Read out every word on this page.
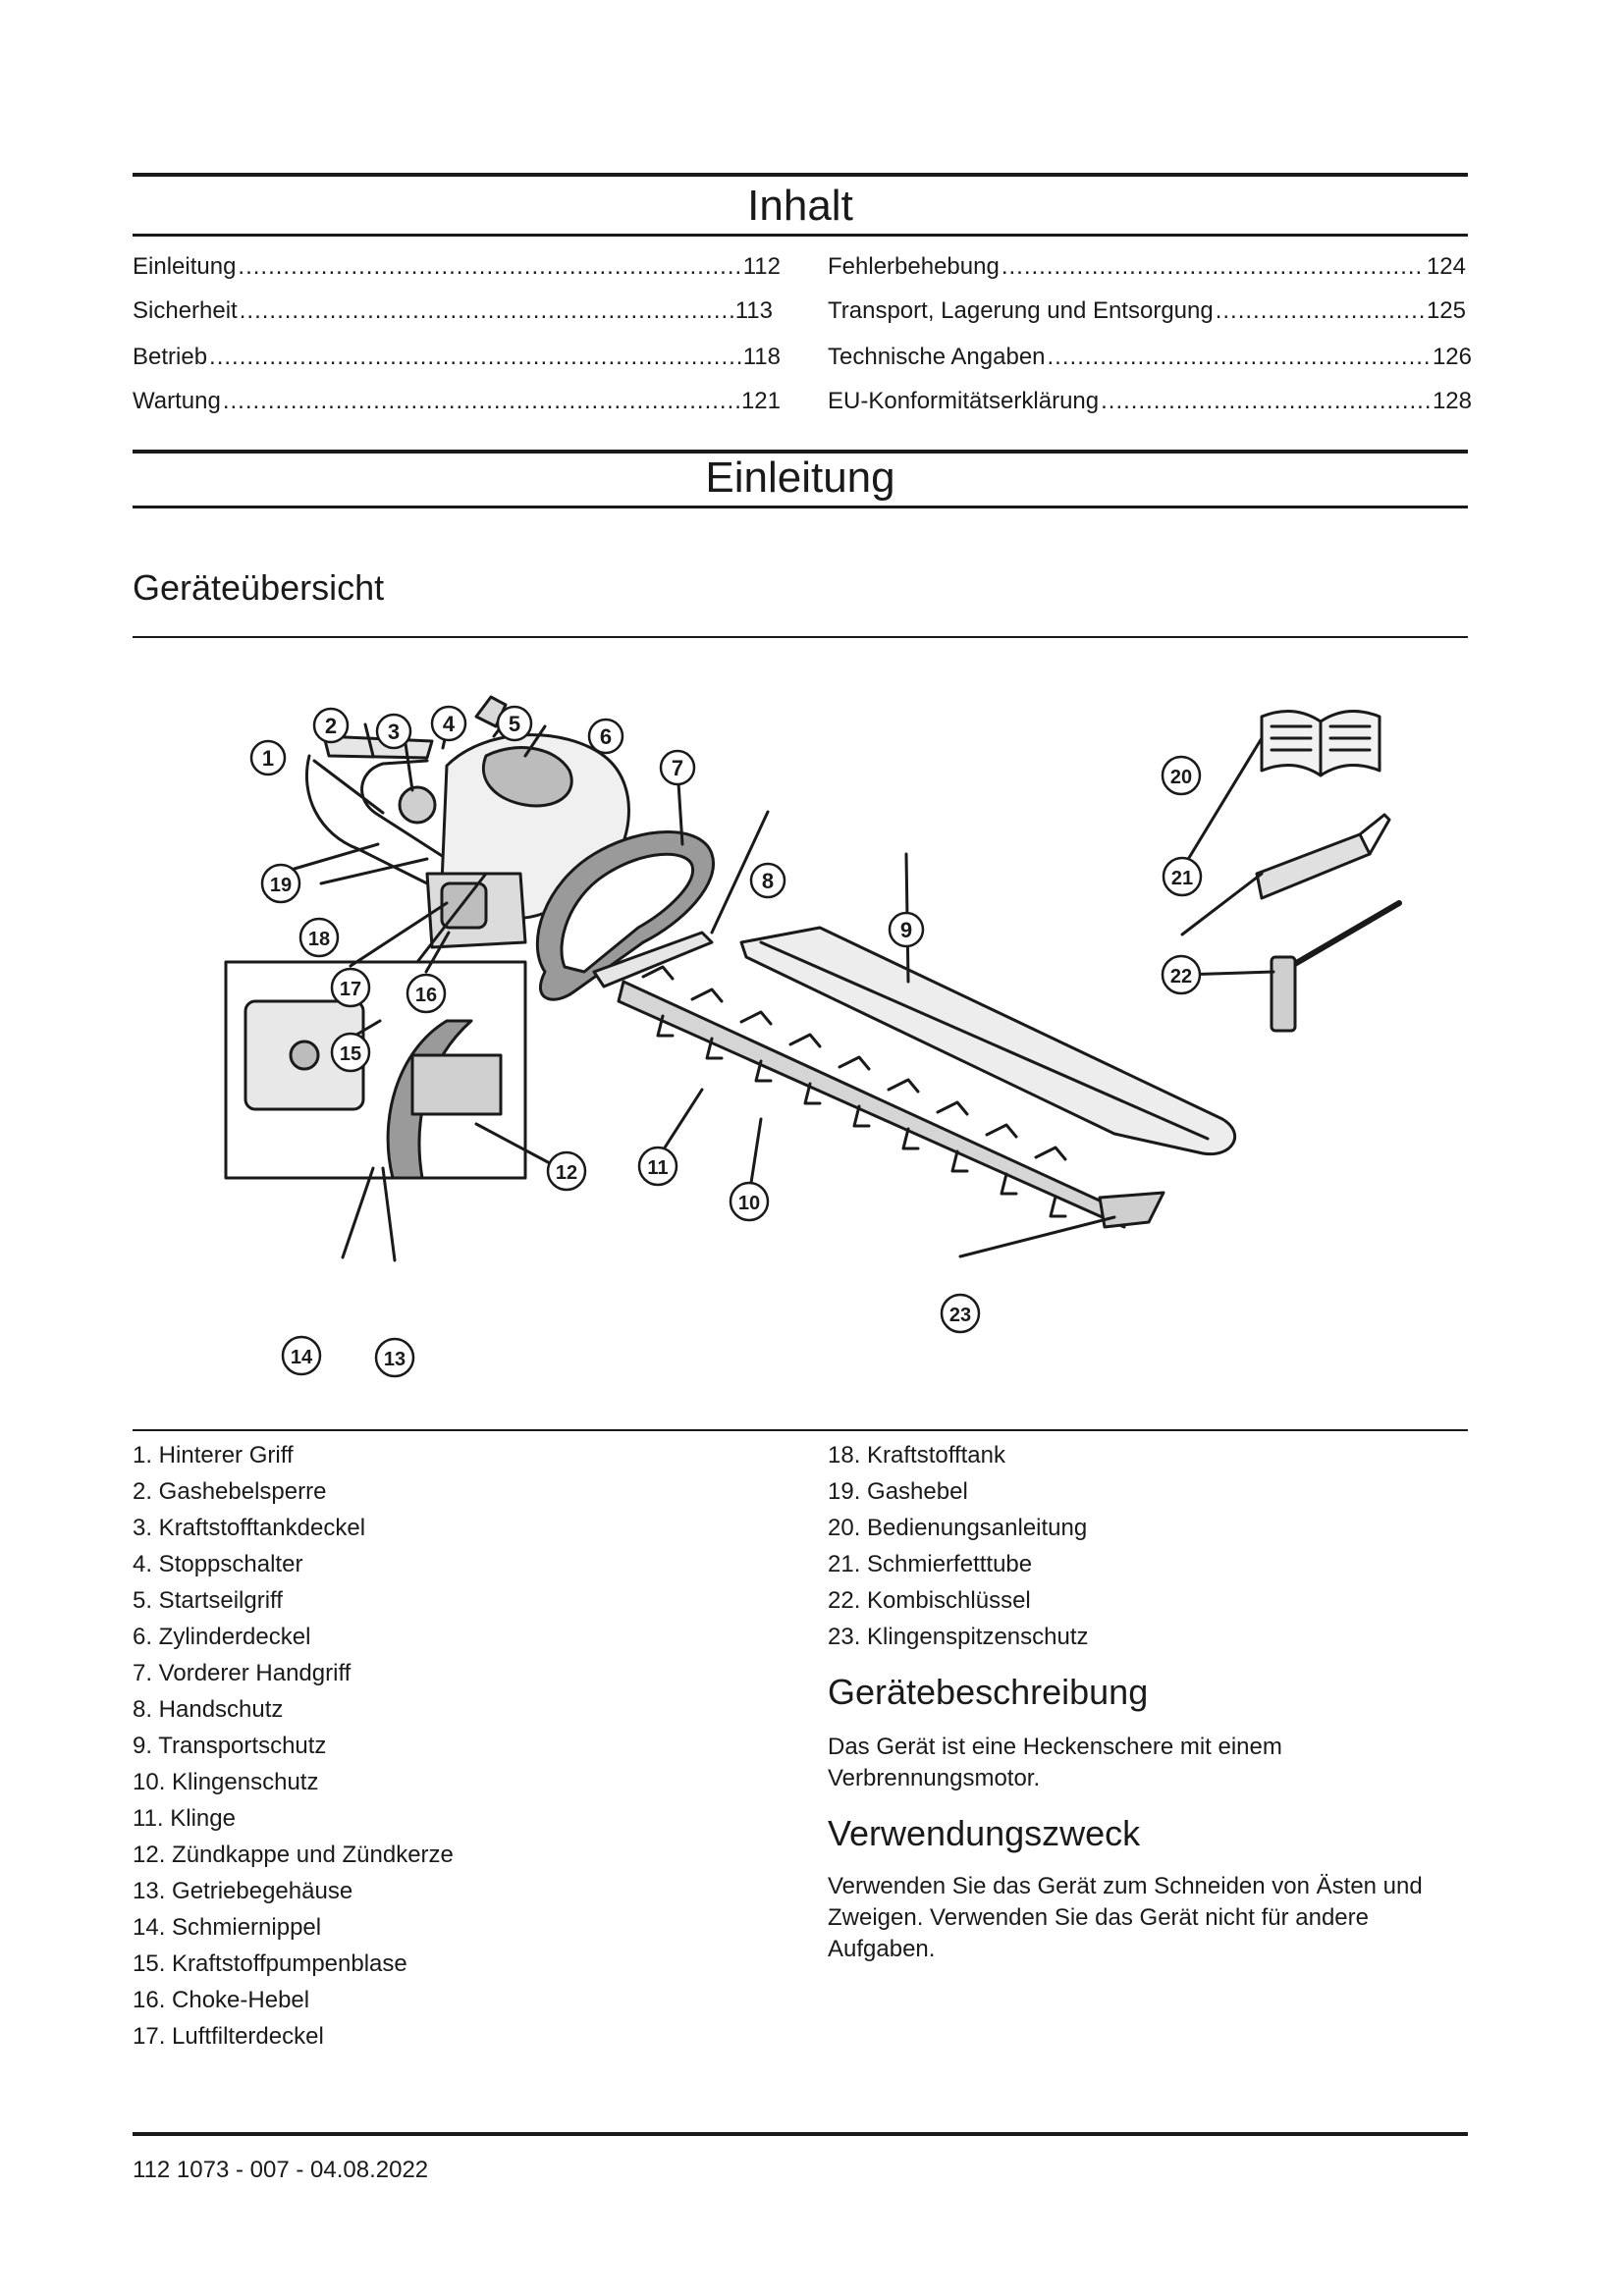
Inhalt
Einleitung .....	112
Sicherheit .....	113
Betrieb .....	118
Wartung .....	121
Fehlerbehebung .....	124
Transport, Lagerung und Entsorgung .....	125
Technische Angaben .....	126
EU-Konformitätserklärung .....	128
Einleitung
Geräteübersicht
1
2 3 4 5
6
7
8
9
10
11
12
13
14
15
16
17
18
19
20
21
22
23
1. Hinterer Griff
2. Gashebelsperre
3. Kraftstofftankdeckel
4. Stoppschalter
5. Startseilgriff
6. Zylinderdeckel
7. Vorderer Handgriff
8. Handschutz
9. Transportschutz
10. Klingenschutz
11. Klinge
12. Zündkappe und Zündkerze
13. Getriebegehäuse
14. Schmiernippel
15. Kraftstoffpumpenblase
16. Choke-Hebel
17. Luftfilterdeckel
18. Kraftstofftank
19. Gashebel
20. Bedienungsanleitung
21. Schmierfetttube
22. Kombischlüssel
23. Klingenspitzenschutz
Gerätebeschreibung

Das Gerät ist eine Heckenschere mit einem Verbrennungsmotor.

Verwendungszweck

Verwenden Sie das Gerät zum Schneiden von Ästen und Zweigen. Verwenden Sie das Gerät nicht für andere Aufgaben.

112 1073 - 007 - 04.08.2022
